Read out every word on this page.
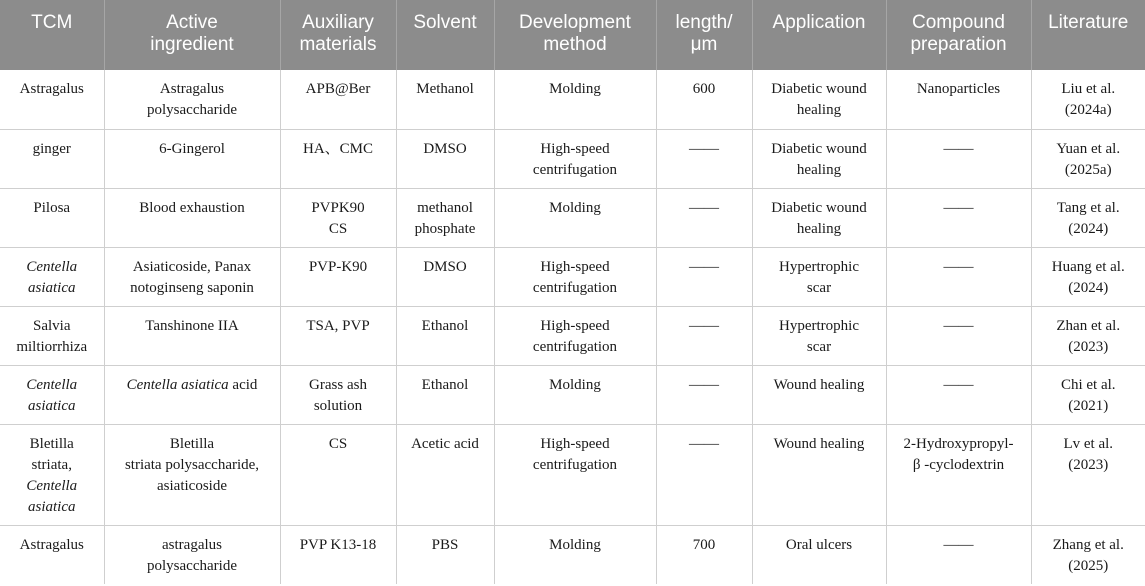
TCM	Active
ingredient	Auxiliary
materials	Solvent	Development
method	length/
μm	Application	Compound
preparation	Literature

Astragalus	Astragalus
polysaccharide	APB@Ber	Methanol	Molding	600	Diabetic wound
healing	Nanoparticles	Liu et al.
(2024a)

ginger	6-Gingerol	HA、CMC	DMSO	High-speed
centrifugation	——	Diabetic wound
healing	——	Yuan et al.
(2025a)

Pilosa	Blood exhaustion	PVPK90
CS	methanol
phosphate	Molding	——	Diabetic wound
healing	——	Tang et al.
(2024)

Centella
asiatica	Asiaticoside, Panax
notoginseng saponin	PVP-K90	DMSO	High-speed
centrifugation	——	Hypertrophic
scar	——	Huang et al.
(2024)

Salvia
miltiorrhiza	Tanshinone IIA	TSA, PVP	Ethanol	High-speed
centrifugation	——	Hypertrophic
scar	——	Zhan et al.
(2023)

Centella
asiatica	Centella asiatica acid	Grass ash
solution	Ethanol	Molding	——	Wound healing	——	Chi et al.
(2021)

Bletilla
striata,
Centella
asiatica	Bletilla
striata polysaccharide,
asiaticoside	CS	Acetic acid	High-speed
centrifugation	——	Wound healing	2-Hydroxypropyl-
β -cyclodextrin	Lv et al.
(2023)

Astragalus	astragalus
polysaccharide	PVP K13-18	PBS	Molding	700	Oral ulcers	——	Zhang et al.
(2025)
